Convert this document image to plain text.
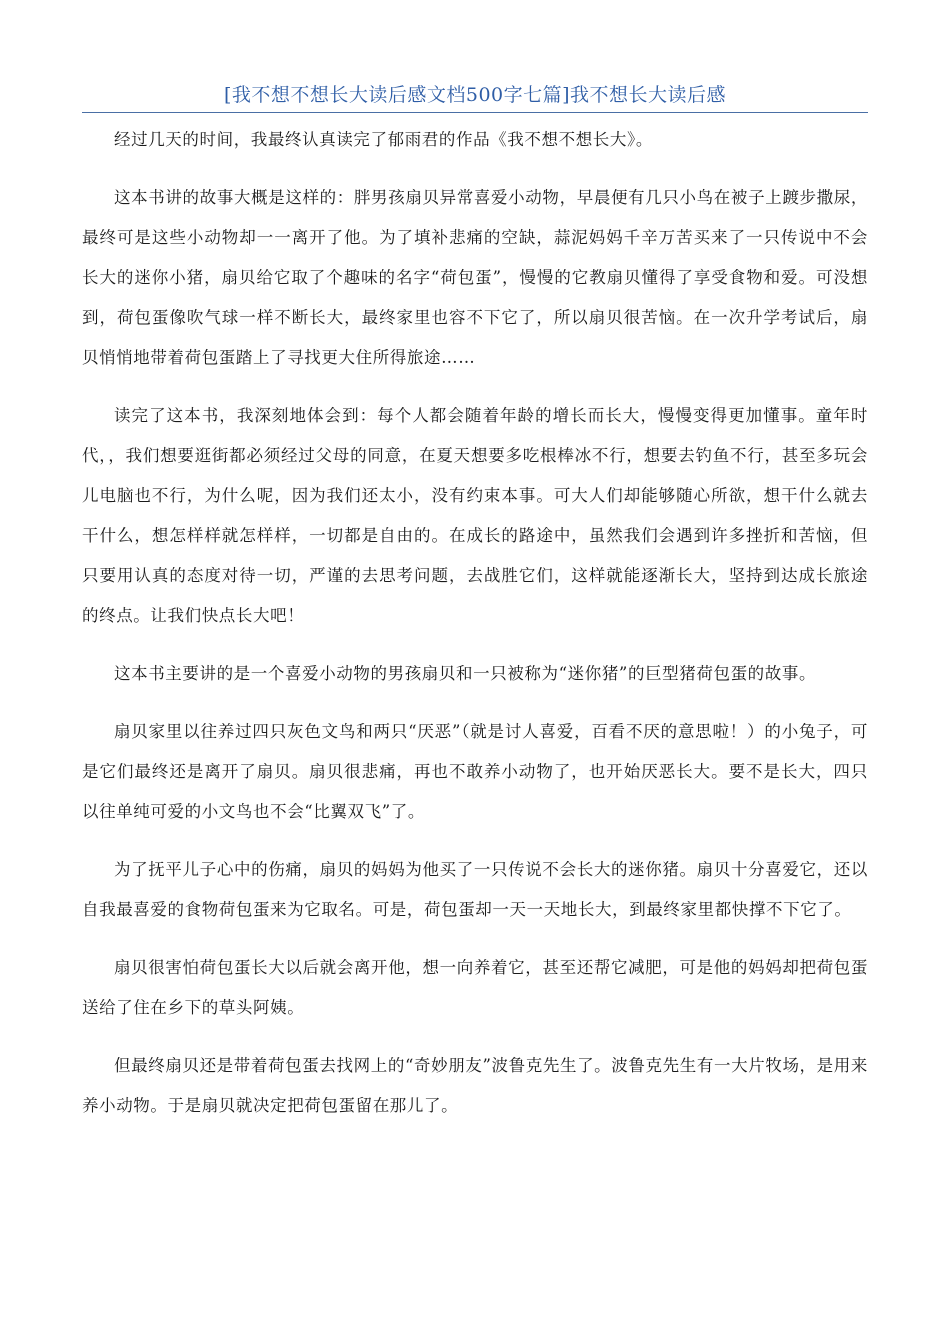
[我不想不想长大读后感文档500字七篇]我不想长大读后感

经过几天的时间，我最终认真读完了郁雨君的作品《我不想不想长大》。

这本书讲的故事大概是这样的：胖男孩扇贝异常喜爱小动物，早晨便有几只小鸟在被子上踱步撒尿，最终可是这些小动物却一一离开了他。为了填补悲痛的空缺，蒜泥妈妈千辛万苦买来了一只传说中不会长大的迷你小猪，扇贝给它取了个趣味的名字“荷包蛋”，慢慢的它教扇贝懂得了享受食物和爱。可没想到，荷包蛋像吹气球一样不断长大，最终家里也容不下它了，所以扇贝很苦恼。在一次升学考试后，扇贝悄悄地带着荷包蛋踏上了寻找更大住所得旅途……

读完了这本书，我深刻地体会到：每个人都会随着年龄的增长而长大，慢慢变得更加懂事。童年时代，，我们想要逛街都必须经过父母的同意，在夏天想要多吃根棒冰不行，想要去钓鱼不行，甚至多玩会儿电脑也不行，为什么呢，因为我们还太小，没有约束本事。可大人们却能够随心所欲，想干什么就去干什么，想怎样样就怎样样，一切都是自由的。在成长的路途中，虽然我们会遇到许多挫折和苦恼，但只要用认真的态度对待一切，严谨的去思考问题，去战胜它们，这样就能逐渐长大，坚持到达成长旅途的终点。让我们快点长大吧！

这本书主要讲的是一个喜爱小动物的男孩扇贝和一只被称为“迷你猪”的巨型猪荷包蛋的故事。

扇贝家里以往养过四只灰色文鸟和两只“厌恶”（就是讨人喜爱，百看不厌的意思啦！）的小兔子，可是它们最终还是离开了扇贝。扇贝很悲痛，再也不敢养小动物了，也开始厌恶长大。要不是长大，四只以往单纯可爱的小文鸟也不会“比翼双飞”了。

为了抚平儿子心中的伤痛，扇贝的妈妈为他买了一只传说不会长大的迷你猪。扇贝十分喜爱它，还以自我最喜爱的食物荷包蛋来为它取名。可是，荷包蛋却一天一天地长大，到最终家里都快撑不下它了。

扇贝很害怕荷包蛋长大以后就会离开他，想一向养着它，甚至还帮它减肥，可是他的妈妈却把荷包蛋送给了住在乡下的草头阿姨。

但最终扇贝还是带着荷包蛋去找网上的“奇妙朋友”波鲁克先生了。波鲁克先生有一大片牧场，是用来养小动物。于是扇贝就决定把荷包蛋留在那儿了。
